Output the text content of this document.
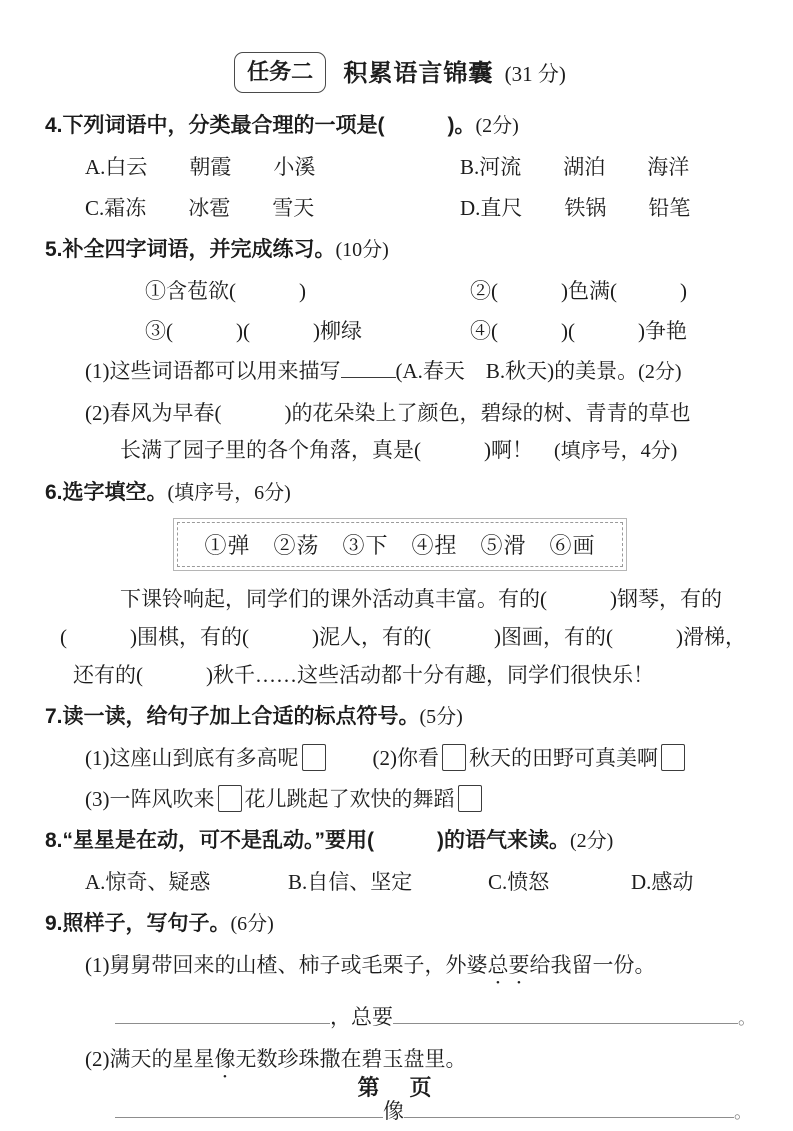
任务二 积累语言锦囊 (31 分)
4.下列词语中，分类最合理的一项是(　　　)。(2分)
A.白云　　朝霞　　小溪	B.河流　　湖泊　　海洋
C.霜冻　　冰雹　　雪天	D.直尺　　铁锅　　铅笔
5.补全四字词语，并完成练习。(10分)
①含苞欲(　　　)	②(　　　)色满(　　　)
③(　　　)(　　　)柳绿	④(　　　)(　　　)争艳
(1)这些词语都可以用来描写	(A.春天　B.秋天)的美景。(2分)
(2)春风为早春(　　　)的花朵染上了颜色，碧绿的树、青青的草也
长满了园子里的各个角落，真是(　　　)啊！　 (填序号，4分)
6.选字填空。(填序号，6分)
①弹　②荡　③下　④捏　⑤滑　⑥画
下课铃响起，同学们的课外活动真丰富。有的(　　　)钢琴，有的
(　　　)围棋，有的(　　　)泥人，有的(　　　)图画，有的(　　　)滑梯，
还有的(　　　)秋千……这些活动都十分有趣，同学们很快乐！
7.读一读，给句子加上合适的标点符号。(5分)
(1)这座山到底有多高呢	(2)你看 秋天的田野可真美啊
(3)一阵风吹来 花儿跳起了欢快的舞蹈
8.“星星是在动，可不是乱动。”要用(　　　)的语气来读。(2分)
A.惊奇、疑惑	B.自信、坚定	C.愤怒	D.感动
9.照样子，写句子。(6分)
(1)舅舅带回来的山楂、柿子或毛栗子，外婆总要给我留一份。
，总要	。
(2)满天的星星像无数珍珠撒在碧玉盘里。
像	。
第　页
